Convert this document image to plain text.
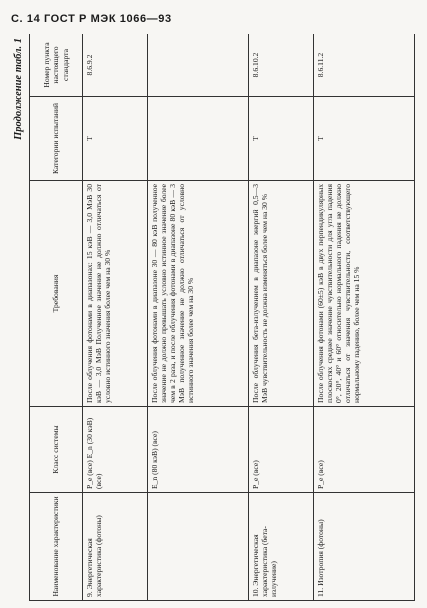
С. 14 ГОСТ Р МЭК 1066—93
Продолжение табл. 1
Наименование характеристики	Класс системы	Требования	Категории испытаний	Номер пункта настоящего стандарта
9. Энергетическая характеристика (фотоны)	P_e (все) E_n (30 кэВ) (все)	После облучения фотонами в диапазонах: 15 кэВ — 3,0 МэВ 30 кэВ — 3,0 МэВ Полученное значение не должно отличаться от условно истинного значения более чем на 30 %	Т	8.6.9.2
	E_n (80 кэВ) (все)	После облучения фотонами в диапазоне 30 — 80 кэВ полученное значение не должно превышать условно истинное значение более чем в 2 раза, и после облучения фотонами в диапазоне 80 кэВ — 3 МэВ полученное значение не должно отличаться от условно истинного значения более чем на 30 %		
10. Энергетическая характеристика (бета-излучение)	P_e (все)	После облучения бета-излучением в диапазоне энергий 0,5—3 МэВ чувствительность не должна изменяться более чем на 30 %	Т	8.6.10.2
11. Изотропия (фотоны)	P_e (все)	После облучения фотонами (60±5) кэВ в двух перпендикулярных плоскостях среднее значение чувствительности для угла падения 0°, 20°, 40° и 60° относительно нормального падения не должно отличаться от значения чувствительности, соответствующего нормальному падению, более чем на 15 %	Т	8.6.11.2
